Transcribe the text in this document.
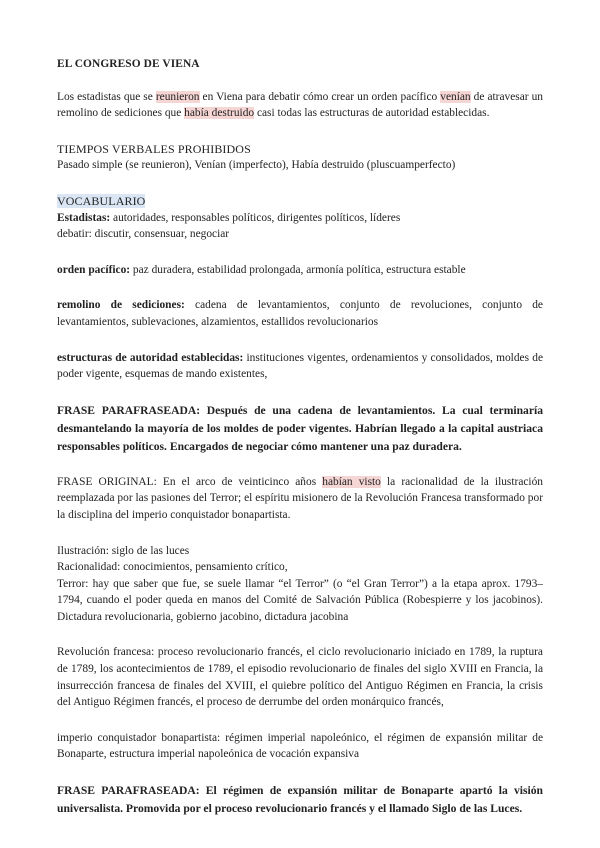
EL CONGRESO DE VIENA

Los estadistas que se reunieron en Viena para debatir cómo crear un orden pacífico venían de atravesar un remolino de sediciones que había destruido casi todas las estructuras de autoridad establecidas.

TIEMPOS VERBALES PROHIBIDOS

Pasado simple (se reunieron), Venían (imperfecto), Había destruido (pluscuamperfecto)

VOCABULARIO

Estadistas: autoridades, responsables políticos, dirigentes políticos, líderes

debatir: discutir, consensuar, negociar

orden pacífico: paz duradera, estabilidad prolongada, armonía política, estructura estable

remolino de sediciones: cadena de levantamientos, conjunto de revoluciones, conjunto de levantamientos, sublevaciones, alzamientos, estallidos revolucionarios

estructuras de autoridad establecidas: instituciones vigentes, ordenamientos y consolidados, moldes de poder vigente, esquemas de mando existentes,

FRASE PARAFRASEADA: Después de una cadena de levantamientos. La cual terminaría desmantelando la mayoría de los moldes de poder vigentes. Habrían llegado a la capital austriaca responsables políticos. Encargados de negociar cómo mantener una paz duradera.

FRASE ORIGINAL: En el arco de veinticinco años habían visto la racionalidad de la ilustración reemplazada por las pasiones del Terror; el espíritu misionero de la Revolución Francesa transformado por la disciplina del imperio conquistador bonapartista.

Ilustración: siglo de las luces

Racionalidad: conocimientos, pensamiento crítico,

Terror: hay que saber que fue, se suele llamar “el Terror” (o “el Gran Terror”) a la etapa aprox. 1793–1794, cuando el poder queda en manos del Comité de Salvación Pública (Robespierre y los jacobinos). Dictadura revolucionaria, gobierno jacobino, dictadura jacobina

Revolución francesa: proceso revolucionario francés, el ciclo revolucionario iniciado en 1789, la ruptura de 1789, los acontecimientos de 1789, el episodio revolucionario de finales del siglo XVIII en Francia, la insurrección francesa de finales del XVIII, el quiebre político del Antiguo Régimen en Francia, la crisis del Antiguo Régimen francés, el proceso de derrumbe del orden monárquico francés,

imperio conquistador bonapartista: régimen imperial napoleónico, el régimen de expansión militar de Bonaparte, estructura imperial napoleónica de vocación expansiva

FRASE PARAFRASEADA: El régimen de expansión militar de Bonaparte apartó la visión universalista. Promovida por el proceso revolucionario francés y el llamado Siglo de las Luces.
